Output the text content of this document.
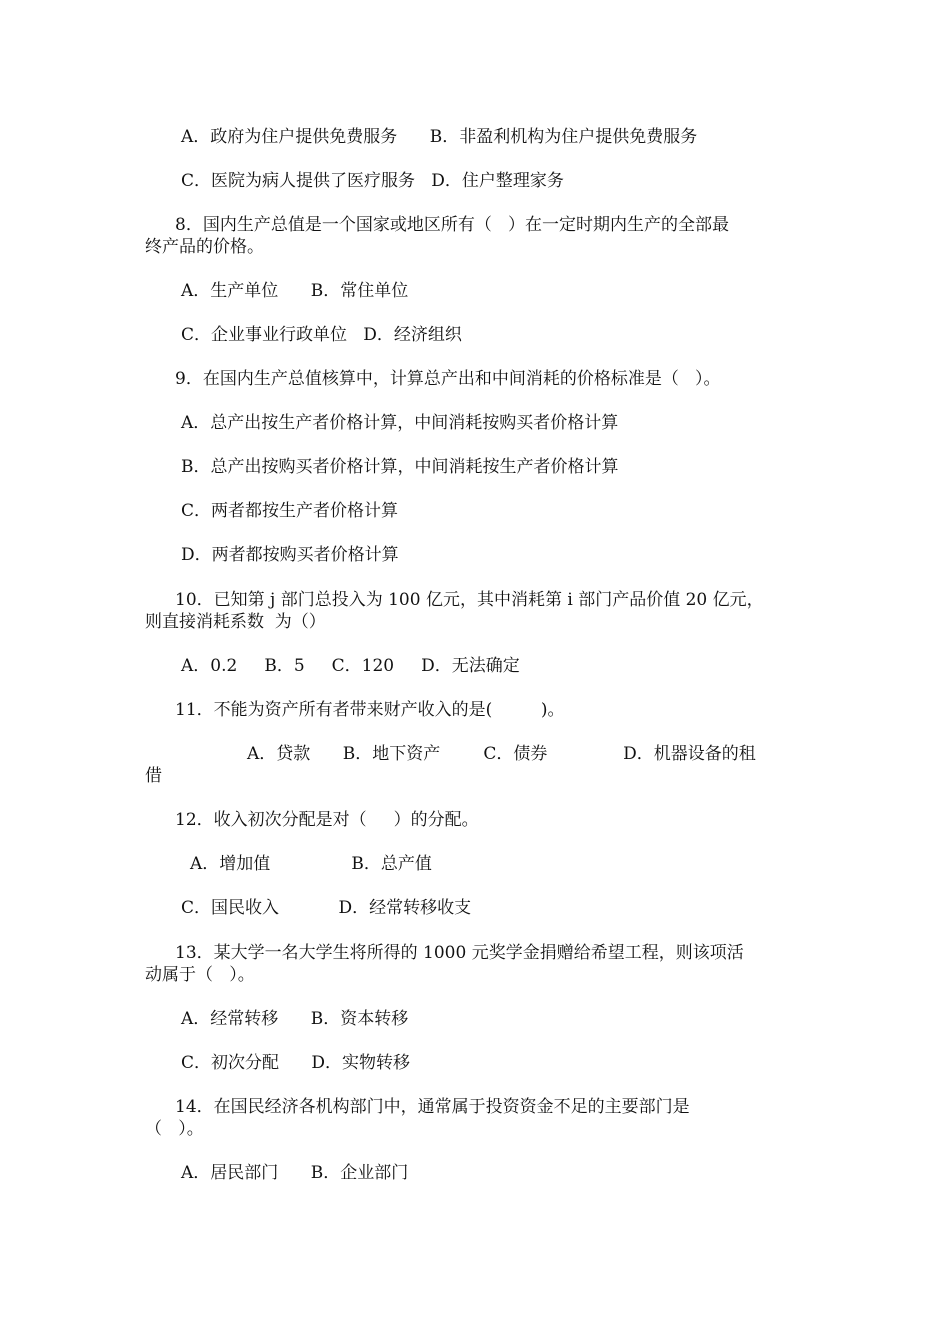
A．政府为住户提供免费服务      B．非盈利机构为住户提供免费服务
C．医院为病人提供了医疗服务   D．住户整理家务
8．国内生产总值是一个国家或地区所有（   ）在一定时期内生产的全部最
终产品的价格。
A．生产单位      B．常住单位
C．企业事业行政单位   D．经济组织
9．在国内生产总值核算中，计算总产出和中间消耗的价格标准是（   ）。
A．总产出按生产者价格计算，中间消耗按购买者价格计算
B．总产出按购买者价格计算，中间消耗按生产者价格计算
C．两者都按生产者价格计算
D．两者都按购买者价格计算
10．已知第 j 部门总投入为 100 亿元，其中消耗第 i 部门产品价值 20 亿元，
则直接消耗系数  为（）
A．0.2     B．5     C．120     D．无法确定
11．不能为资产所有者带来财产收入的是(         )。
A．贷款      B．地下资产        C．债券              D．机器设备的租
借
12．收入初次分配是对（     ）的分配。
A．增加值               B．总产值
C．国民收入           D．经常转移收支
13．某大学一名大学生将所得的 1000 元奖学金捐赠给希望工程，则该项活
动属于（   ）。
A．经常转移      B．资本转移
C．初次分配      D．实物转移
14．在国民经济各机构部门中，通常属于投资资金不足的主要部门是
（   ）。
A．居民部门      B．企业部门
